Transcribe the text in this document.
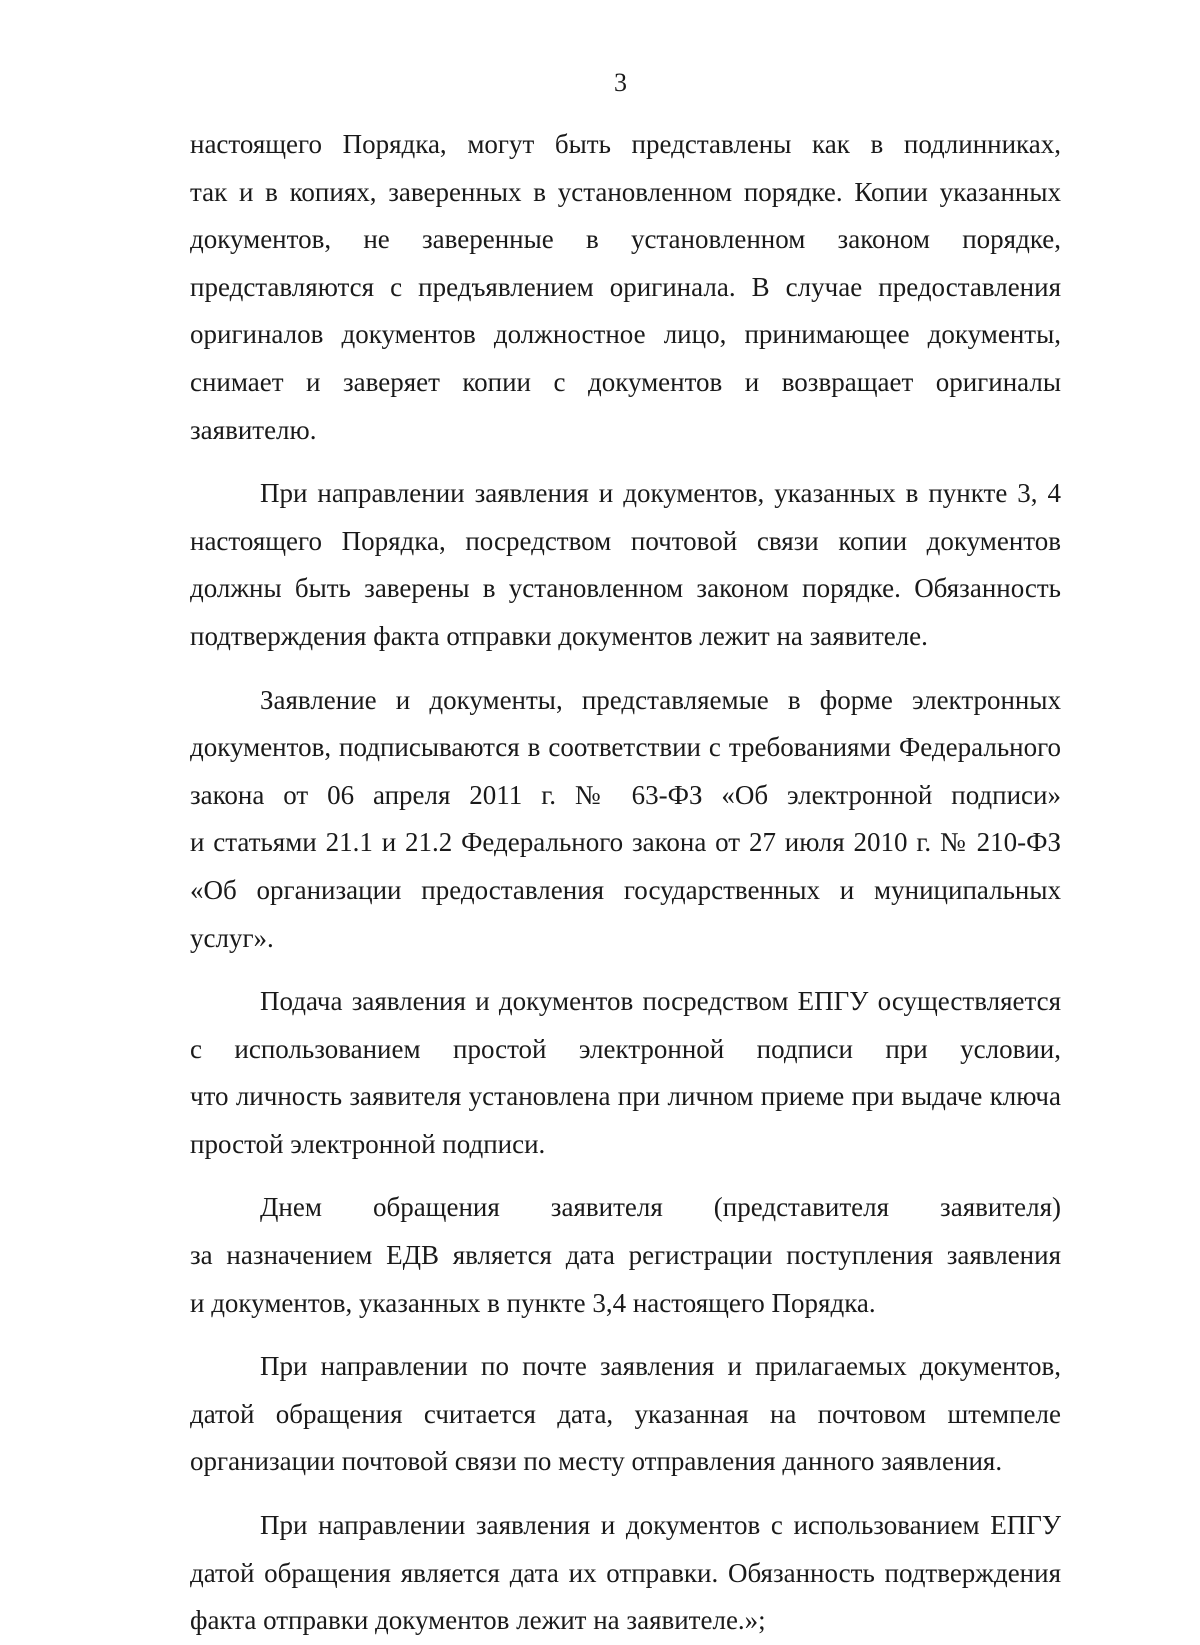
3
настоящего Порядка, могут быть представлены как в подлинниках,
так и в копиях, заверенных в установленном порядке. Копии указанных
документов, не заверенные в установленном законом порядке,
представляются с предъявлением оригинала. В случае предоставления
оригиналов документов должностное лицо, принимающее документы,
снимает и заверяет копии с документов и возвращает оригиналы
заявителю.
При направлении заявления и документов, указанных в пункте 3, 4
настоящего Порядка, посредством почтовой связи копии документов
должны быть заверены в установленном законом порядке. Обязанность
подтверждения факта отправки документов лежит на заявителе.
Заявление и документы, представляемые в форме электронных
документов, подписываются в соответствии с требованиями Федерального
закона от 06 апреля 2011 г. № 63-ФЗ «Об электронной подписи»
и статьями 21.1 и 21.2 Федерального закона от 27 июля 2010 г. № 210-ФЗ
«Об организации предоставления государственных и муниципальных
услуг».
Подача заявления и документов посредством ЕПГУ осуществляется
с использованием простой электронной подписи при условии,
что личность заявителя установлена при личном приеме при выдаче ключа
простой электронной подписи.
Днем обращения заявителя (представителя заявителя)
за назначением ЕДВ является дата регистрации поступления заявления
и документов, указанных в пункте 3,4 настоящего Порядка.
При направлении по почте заявления и прилагаемых документов,
датой обращения считается дата, указанная на почтовом штемпеле
организации почтовой связи по месту отправления данного заявления.
При направлении заявления и документов с использованием ЕПГУ
датой обращения является дата их отправки. Обязанность подтверждения
факта отправки документов лежит на заявителе.»;
